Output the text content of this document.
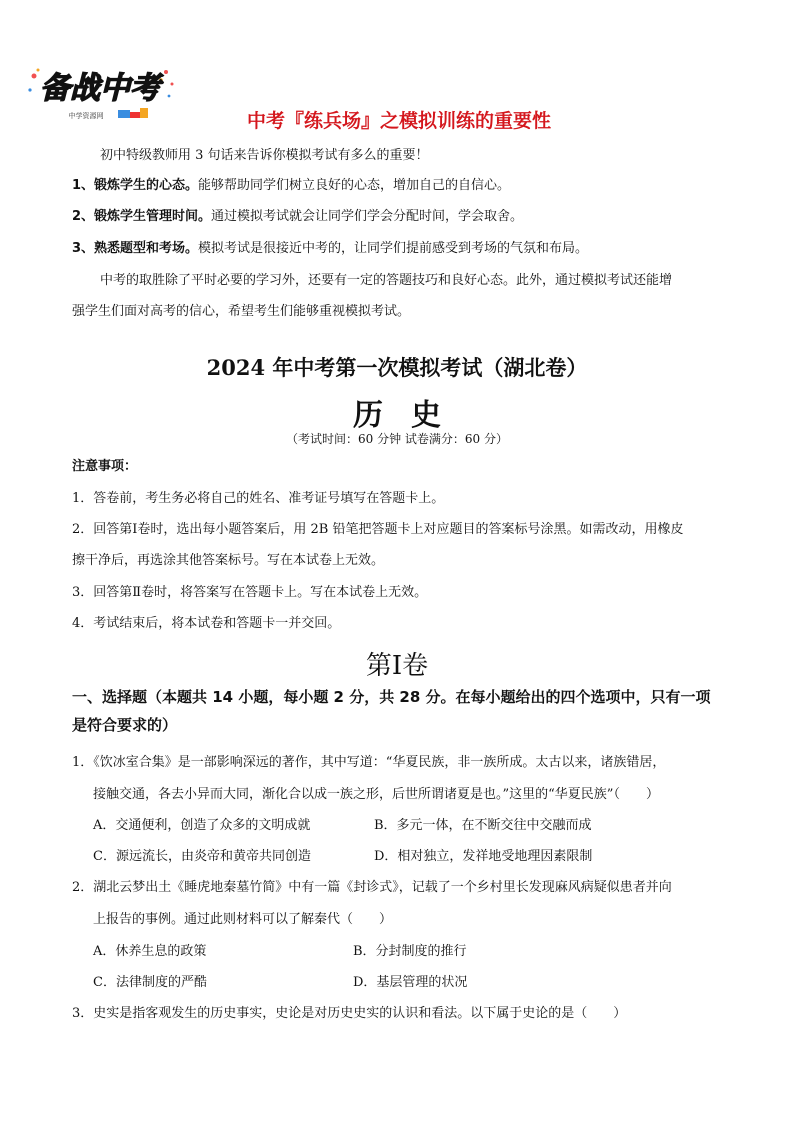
备战中考
中学资源网	中考『练兵场』之模拟训练的重要性
初中特级教师用 3 句话来告诉你模拟考试有多么的重要！
1、锻炼学生的心态。能够帮助同学们树立良好的心态，增加自己的自信心。
2、锻炼学生管理时间。通过模拟考试就会让同学们学会分配时间，学会取舍。
3、熟悉题型和考场。模拟考试是很接近中考的，让同学们提前感受到考场的气氛和布局。
中考的取胜除了平时必要的学习外，还要有一定的答题技巧和良好心态。此外，通过模拟考试还能增
强学生们面对高考的信心，希望考生们能够重视模拟考试。
2024 年中考第一次模拟考试（湖北卷）
历史
（考试时间：60 分钟 试卷满分：60 分）
注意事项：
1．答卷前，考生务必将自己的姓名、准考证号填写在答题卡上。
2．回答第Ⅰ卷时，选出每小题答案后，用 2B 铅笔把答题卡上对应题目的答案标号涂黑。如需改动，用橡皮
擦干净后，再选涂其他答案标号。写在本试卷上无效。
3．回答第Ⅱ卷时，将答案写在答题卡上。写在本试卷上无效。
4．考试结束后，将本试卷和答题卡一并交回。
第Ⅰ卷
一、选择题（本题共 14 小题，每小题 2 分，共 28 分。在每小题给出的四个选项中，只有一项
是符合要求的）
1．《饮冰室合集》是一部影响深远的著作，其中写道：“华夏民族，非一族所成。太古以来，诸族错居，
接触交通，各去小异而大同，渐化合以成一族之形，后世所谓诸夏是也。”这里的“华夏民族”（　　）
A．交通便利，创造了众多的文明成就	B．多元一体，在不断交往中交融而成
C．源远流长，由炎帝和黄帝共同创造	D．相对独立，发祥地受地理因素限制
2．湖北云梦出土《睡虎地秦墓竹简》中有一篇《封诊式》，记载了一个乡村里长发现麻风病疑似患者并向
上报告的事例。通过此则材料可以了解秦代（　　）
A．休养生息的政策	B．分封制度的推行
C．法律制度的严酷	D．基层管理的状况
3．史实是指客观发生的历史事实，史论是对历史史实的认识和看法。以下属于史论的是（　　）
